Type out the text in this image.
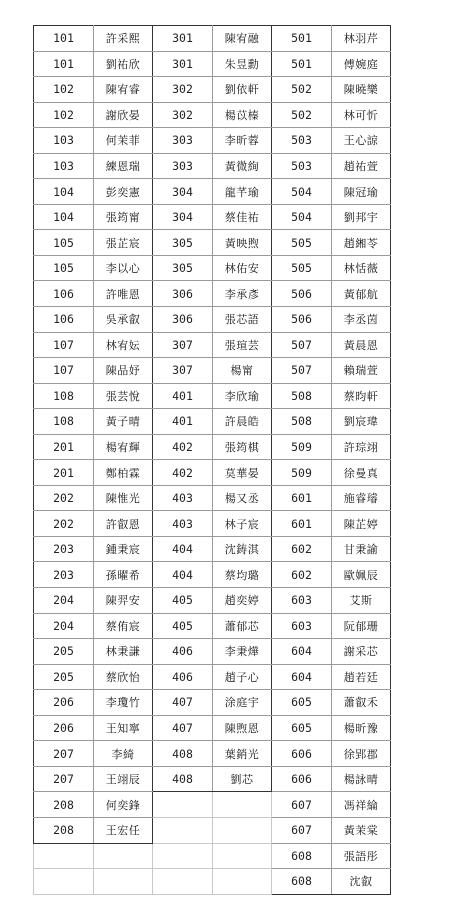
101	許采熙	301	陳宥融	501	林羽芹
101	劉祐欣	301	朱昱勳	501	傅婉庭
102	陳宥睿	302	劉依軒	502	陳曉樂
102	謝欣晏	302	楊苡榛	502	林可忻
103	何茉菲	303	李昕蓉	503	王心諒
103	練恩瑞	303	黃微絢	503	趙祐萱
104	彭奕憲	304	龍芊瑜	504	陳冠瑜
104	張筠甯	304	蔡佳祐	504	劉邦宇
105	張芷宸	305	黃映煦	505	趙緗苓
105	李以心	305	林佑安	505	林恬薇
106	許唯恩	306	李承彥	506	黃郁航
106	吳承叡	306	張芯語	506	李丞茵
107	林宥妘	307	張瑄芸	507	黃晨恩
107	陳品妤	307	楊甯	507	賴瑞萱
108	張芸悅	401	李欣瑜	508	蔡昀軒
108	黃子晴	401	許晨皓	508	劉宸瑋
201	楊宥輝	402	張筠棋	509	許琮翊
201	鄭柏霖	402	莫華晏	509	徐曼真
202	陳惟光	403	楊又丞	601	施睿璿
202	許叡恩	403	林子宸	601	陳芷婷
203	鍾秉宸	404	沈鋳淇	602	甘秉諭
203	孫曜希	404	蔡均璐	602	歐姵辰
204	陳羿安	405	趙奕婷	603	艾斯
204	蔡侑宸	405	蕭郁芯	603	阮郁珊
205	林秉謙	406	李秉燁	604	謝采芯
205	蔡欣怡	406	趙子心	604	趙若廷
206	李瓊竹	407	涂庭宇	605	蕭叡禾
206	王知寧	407	陳煦恩	605	楊昕豫
207	李綺	408	葉銷光	606	徐郢郡
207	王翊辰	408	劉芯	606	楊詠晴
208	何奕鋒			607	馮祥綸
208	王宏任			607	黃茉棠
				608	張語彤
				608	沈叡
